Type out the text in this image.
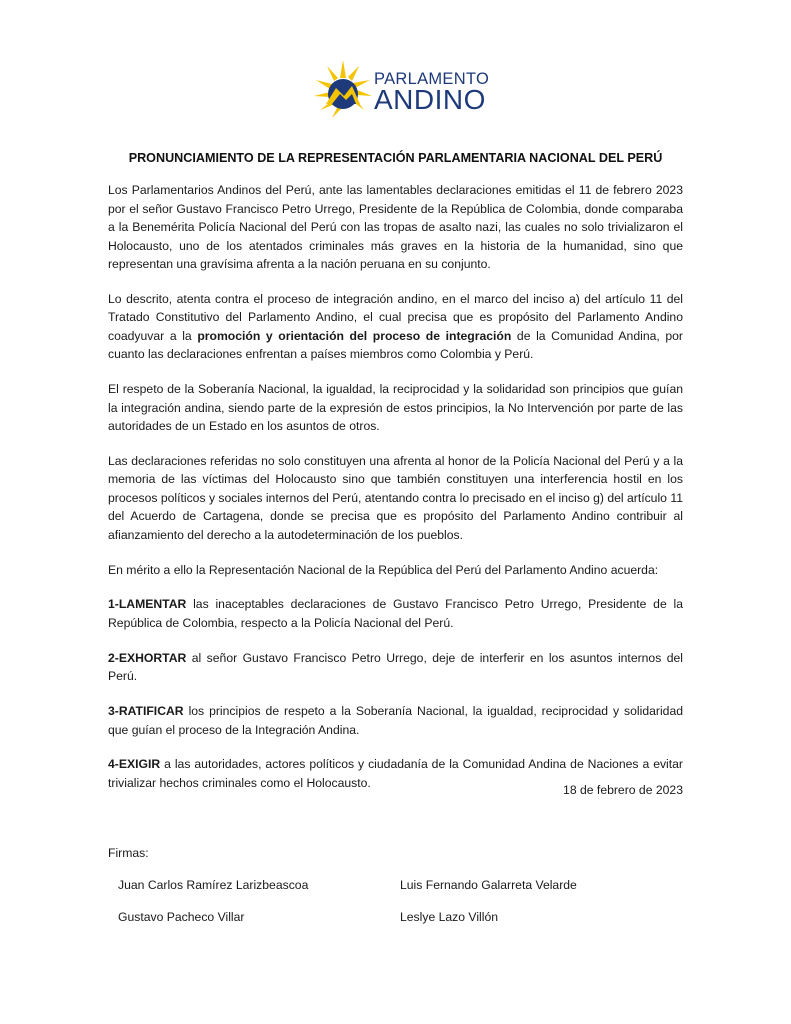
PARLAMENTO
ANDINO
PRONUNCIAMIENTO DE LA REPRESENTACIÓN PARLAMENTARIA NACIONAL DEL PERÚ

Los Parlamentarios Andinos del Perú, ante las lamentables declaraciones emitidas el 11 de febrero 2023 por el señor Gustavo Francisco Petro Urrego, Presidente de la República de Colombia, donde comparaba a la Benemérita Policía Nacional del Perú con las tropas de asalto nazi, las cuales no solo trivializaron el Holocausto, uno de los atentados criminales más graves en la historia de la humanidad, sino que representan una gravísima afrenta a la nación peruana en su conjunto.

Lo descrito, atenta contra el proceso de integración andino, en el marco del inciso a) del artículo 11 del Tratado Constitutivo del Parlamento Andino, el cual precisa que es propósito del Parlamento Andino coadyuvar a la promoción y orientación del proceso de integración de la Comunidad Andina, por cuanto las declaraciones enfrentan a países miembros como Colombia y Perú.

El respeto de la Soberanía Nacional, la igualdad, la reciprocidad y la solidaridad son principios que guían la integración andina, siendo parte de la expresión de estos principios, la No Intervención por parte de las autoridades de un Estado en los asuntos de otros.

Las declaraciones referidas no solo constituyen una afrenta al honor de la Policía Nacional del Perú y a la memoria de las víctimas del Holocausto sino que también constituyen una interferencia hostil en los procesos políticos y sociales internos del Perú, atentando contra lo precisado en el inciso g) del artículo 11 del Acuerdo de Cartagena, donde se precisa que es propósito del Parlamento Andino contribuir al afianzamiento del derecho a la autodeterminación de los pueblos.

En mérito a ello la Representación Nacional de la República del Perú del Parlamento Andino acuerda:

1-LAMENTAR las inaceptables declaraciones de Gustavo Francisco Petro Urrego, Presidente de la República de Colombia, respecto a la Policía Nacional del Perú.

2-EXHORTAR al señor Gustavo Francisco Petro Urrego, deje de interferir en los asuntos internos del Perú.

3-RATIFICAR los principios de respeto a la Soberanía Nacional, la igualdad, reciprocidad y solidaridad que guían el proceso de la Integración Andina.

4-EXIGIR a las autoridades, actores políticos y ciudadanía de la Comunidad Andina de Naciones a evitar trivializar hechos criminales como el Holocausto.

18 de febrero de 2023
Firmas:
Juan Carlos Ramírez Larizbeascoa	Luis Fernando Galarreta Velarde
Gustavo Pacheco Villar	Leslye Lazo Villón
